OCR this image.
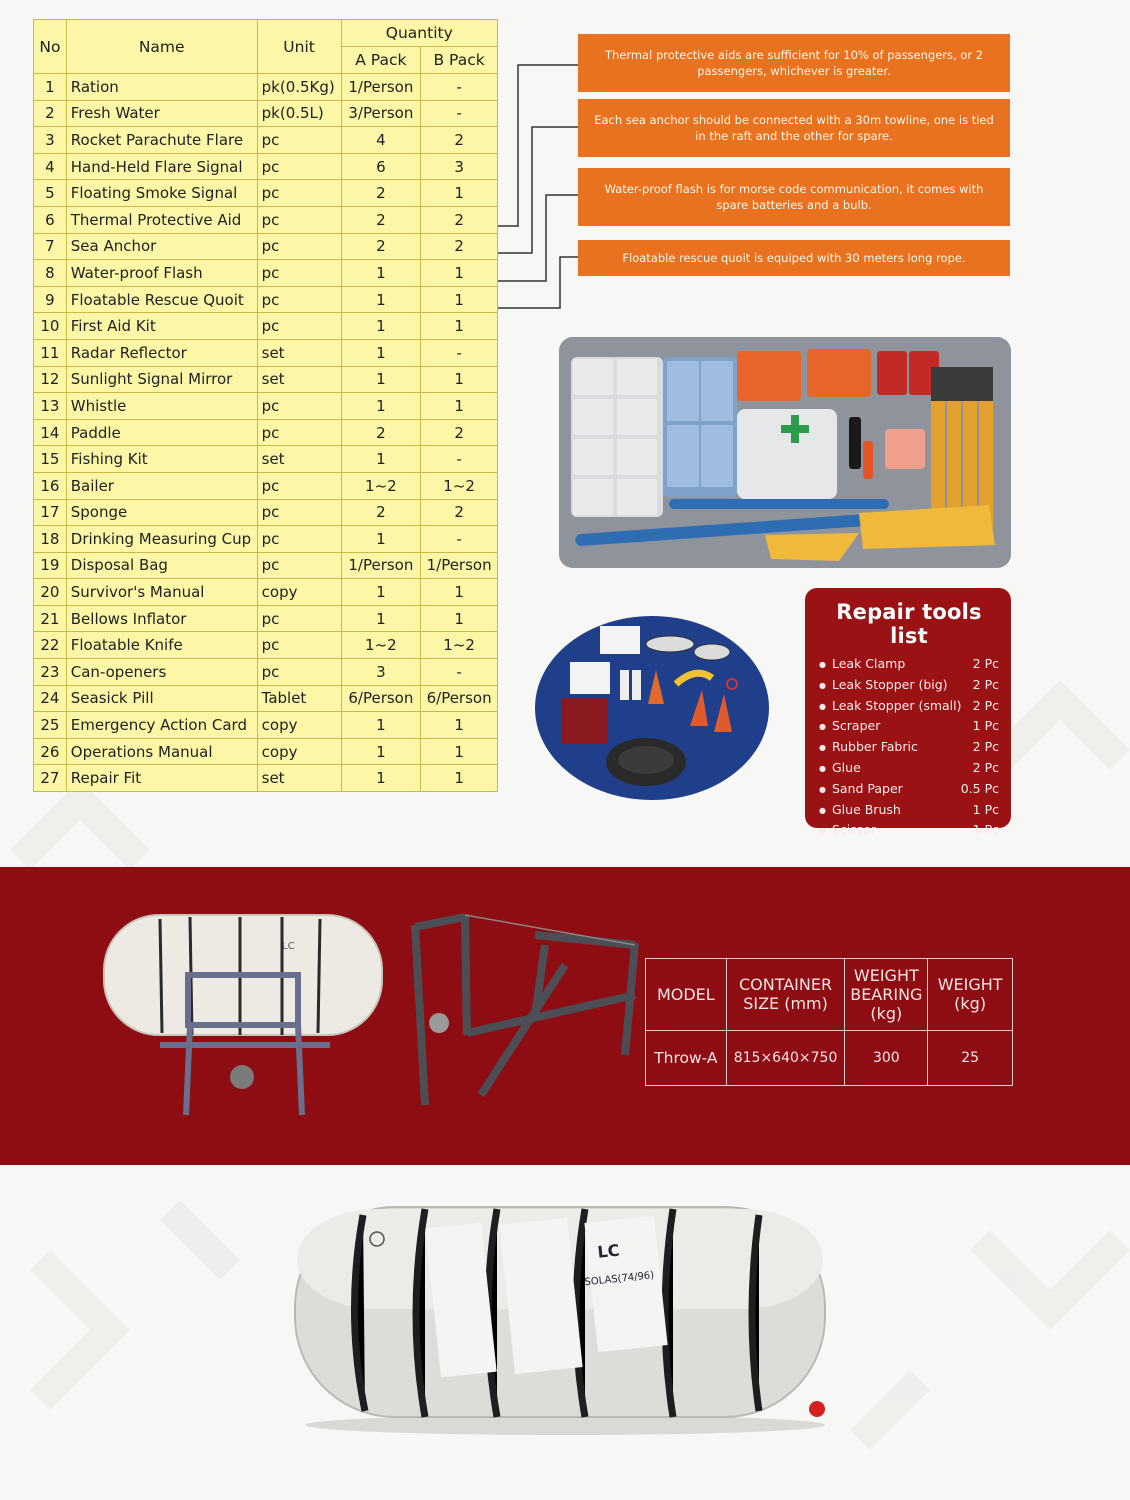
No	Name	Unit	Quantity	
			A Pack	B Pack
1	Ration	pk(0.5Kg)	1/Person	-
2	Fresh Water	pk(0.5L)	3/Person	-
3	Rocket Parachute Flare	pc	4	2
4	Hand-Held Flare Signal	pc	6	3
5	Floating Smoke Signal	pc	2	1
6	Thermal Protective Aid	pc	2	2
7	Sea Anchor	pc	2	2
8	Water-proof Flash	pc	1	1
9	Floatable Rescue Quoit	pc	1	1
10	First Aid Kit	pc	1	1
11	Radar Reflector	set	1	-
12	Sunlight Signal Mirror	set	1	1
13	Whistle	pc	1	1
14	Paddle	pc	2	2
15	Fishing Kit	set	1	-
16	Bailer	pc	1~2	1~2
17	Sponge	pc	2	2
18	Drinking Measuring Cup	pc	1	-
19	Disposal Bag	pc	1/Person	1/Person
20	Survivor's Manual	copy	1	1
21	Bellows Inflator	pc	1	1
22	Floatable Knife	pc	1~2	1~2
23	Can-openers	pc	3	-
24	Seasick Pill	Tablet	6/Person	6/Person
25	Emergency Action Card	copy	1	1
26	Operations Manual	copy	1	1
27	Repair Fit	set	1	1
Thermal protective aids are sufficient for 10% of passengers, or 2 passengers, whichever is greater.
Each sea anchor should be connected with a 30m towline, one is tied in the raft and the other for spare.
Water-proof flash is for morse code communication, it comes with spare batteries and a bulb.
Floatable rescue quoit is equiped with 30 meters long rope.
Repair tools list
● Leak Clamp	2 Pc
● Leak Stopper (big) 2 Pc
● Leak Stopper (small) 2 Pc
● Scraper	1 Pc
● Rubber Fabric	2 Pc
● Glue	2 Pc
● Sand Paper	0.5 Pc
● Glue Brush	1 Pc
● Scissor	1 Pc
LC
MODEL	CONTAINER SIZE (mm)	WEIGHT BEARING (kg)	WEIGHT (kg)
Throw-A	815×640×750	300	25
LC
SOLAS(74/96)
